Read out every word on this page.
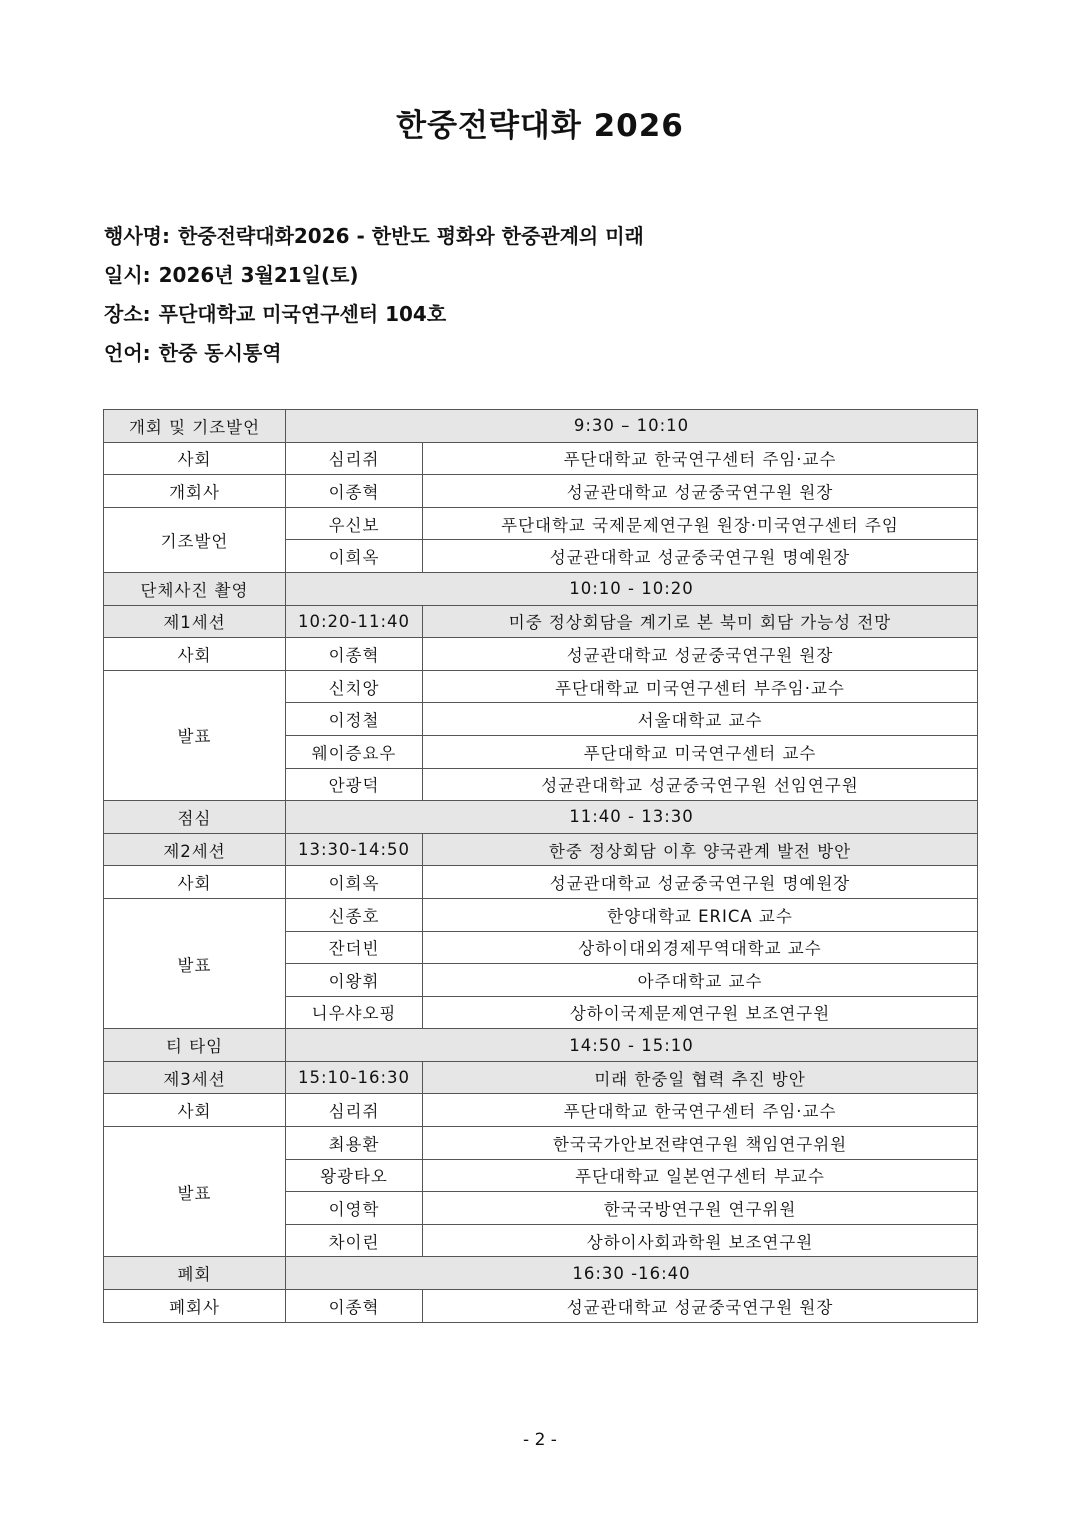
한중전략대화 2026
행사명: 한중전략대화2026 - 한반도 평화와 한중관계의 미래
일시: 2026년 3월21일(토)
장소: 푸단대학교 미국연구센터 104호
언어: 한중 동시통역
개회 및 기조발언	9:30 – 10:10	
사회	심리쥐	푸단대학교 한국연구센터 주임·교수
개회사	이종혁	성균관대학교 성균중국연구원 원장
기조발언	우신보	푸단대학교 국제문제연구원 원장·미국연구센터 주임
	이희옥	성균관대학교 성균중국연구원 명예원장
단체사진 촬영	10:10 - 10:20	
제1세션	10:20-11:40	미중 정상회담을 계기로 본 북미 회담 가능성 전망
사회	이종혁	성균관대학교 성균중국연구원 원장
발표	신치앙	푸단대학교 미국연구센터 부주임·교수
	이정철	서울대학교 교수
	웨이증요우	푸단대학교 미국연구센터 교수
	안광덕	성균관대학교 성균중국연구원 선임연구원
점심	11:40 - 13:30	
제2세션	13:30-14:50	한중 정상회담 이후 양국관계 발전 방안
사회	이희옥	성균관대학교 성균중국연구원 명예원장
발표	신종호	한양대학교 ERICA 교수
	잔더빈	상하이대외경제무역대학교 교수
	이왕휘	아주대학교 교수
	니우샤오핑	상하이국제문제연구원 보조연구원
티 타임	14:50 - 15:10	
제3세션	15:10-16:30	미래 한중일 협력 추진 방안
사회	심리쥐	푸단대학교 한국연구센터 주임·교수
발표	최용환	한국국가안보전략연구원 책임연구위원
	왕광타오	푸단대학교 일본연구센터 부교수
	이영학	한국국방연구원 연구위원
	차이린	상하이사회과학원 보조연구원
폐회	16:30 -16:40	
폐회사	이종혁	성균관대학교 성균중국연구원 원장
- 2 -
